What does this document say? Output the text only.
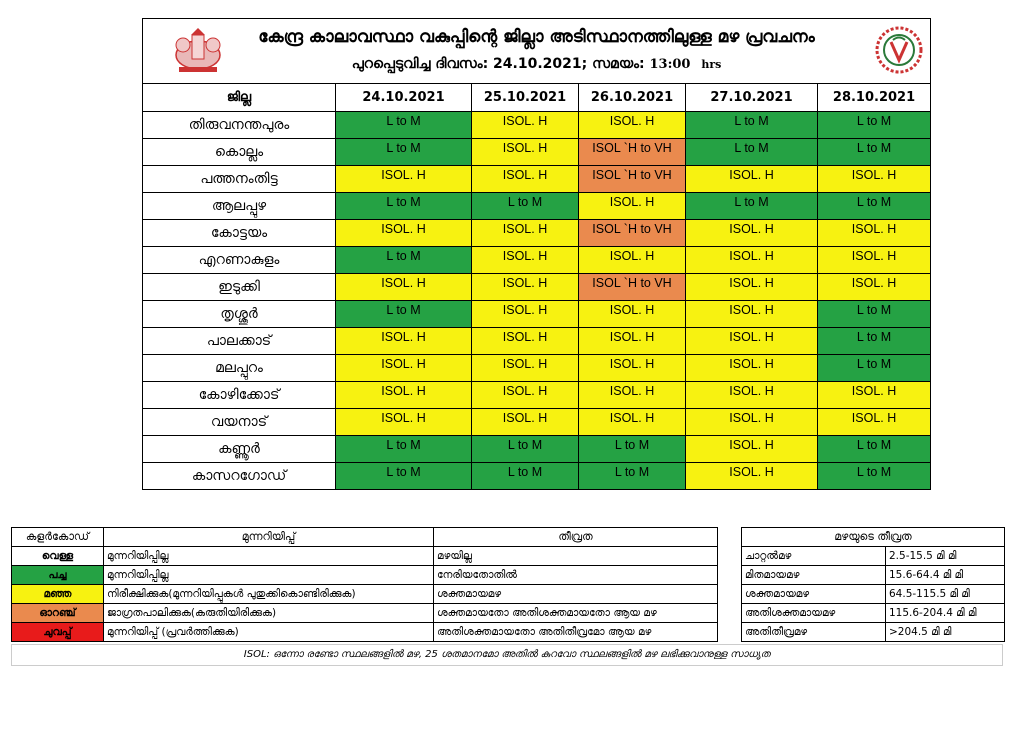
കേന്ദ്ര കാലാവസ്ഥാ വകുപ്പിന്റെ ജില്ലാ അടിസ്ഥാനത്തിലുള്ള മഴ പ്രവചനം
പുറപ്പെടുവിച്ച ദിവസം: 24.10.2021; സമയം: 13:00 hrs					

ജില്ല	24.10.2021	25.10.2021	26.10.2021	27.10.2021	28.10.2021
തിരുവനന്തപുരം	L to M	ISOL. H	ISOL. H	L to M	L to M
കൊല്ലം	L to M	ISOL. H	ISOL `H to VH	L to M	L to M
പത്തനംതിട്ട	ISOL. H	ISOL. H	ISOL `H to VH	ISOL. H	ISOL. H
ആലപ്പുഴ	L to M	L to M	ISOL. H	L to M	L to M
കോട്ടയം	ISOL. H	ISOL. H	ISOL `H to VH	ISOL. H	ISOL. H
എറണാകുളം	L to M	ISOL. H	ISOL. H	ISOL. H	ISOL. H
ഇടുക്കി	ISOL. H	ISOL. H	ISOL `H to VH	ISOL. H	ISOL. H
തൃശ്ശൂർ	L to M	ISOL. H	ISOL. H	ISOL. H	L to M
പാലക്കാട്	ISOL. H	ISOL. H	ISOL. H	ISOL. H	L to M
മലപ്പുറം	ISOL. H	ISOL. H	ISOL. H	ISOL. H	L to M
കോഴിക്കോട്	ISOL. H	ISOL. H	ISOL. H	ISOL. H	ISOL. H
വയനാട്	ISOL. H	ISOL. H	ISOL. H	ISOL. H	ISOL. H
കണ്ണൂർ	L to M	L to M	L to M	ISOL. H	L to M
കാസറഗോഡ്	L to M	L to M	L to M	ISOL. H	L to M
കളർകോഡ്	മുന്നറിയിപ്പ്	തീവ്രത
വെള്ള	മുന്നറിയിപ്പില്ല	മഴയില്ല
പച്ച	മുന്നറിയിപ്പില്ല	നേരിയതോതിൽ
മഞ്ഞ	നിരീക്ഷിക്കുക(മുന്നറിയിപ്പുകൾ പുതുക്കികൊണ്ടിരിക്കുക)	ശക്തമായമഴ
ഓറഞ്ച്	ജാഗ്രതപാലിക്കുക(കരുതിയിരിക്കുക)	ശക്തമായതോ അതിശക്തമായതോ ആയ മഴ
ചുവപ്പ്	മുന്നറിയിപ്പ് (പ്രവർത്തിക്കുക)	അതിശക്തമായതോ അതിതീവ്രമോ ആയ മഴ
മഴയുടെ തീവ്രത	
ചാറ്റൽമഴ	2.5-15.5 മി മി
മിതമായമഴ	15.6-64.4 മി മി
ശക്തമായമഴ	64.5-115.5 മി മി
അതിശക്തമായമഴ	115.6-204.4 മി മി
അതിതീവ്രമഴ	>204.5 മി മി
ISOL: ഒന്നോ രണ്ടോ സ്ഥലങ്ങളിൽ മഴ, 25 ശതമാനമോ അതിൽ കുറവോ സ്ഥലങ്ങളിൽ മഴ ലഭിക്കുവാനുള്ള സാധ്യത
